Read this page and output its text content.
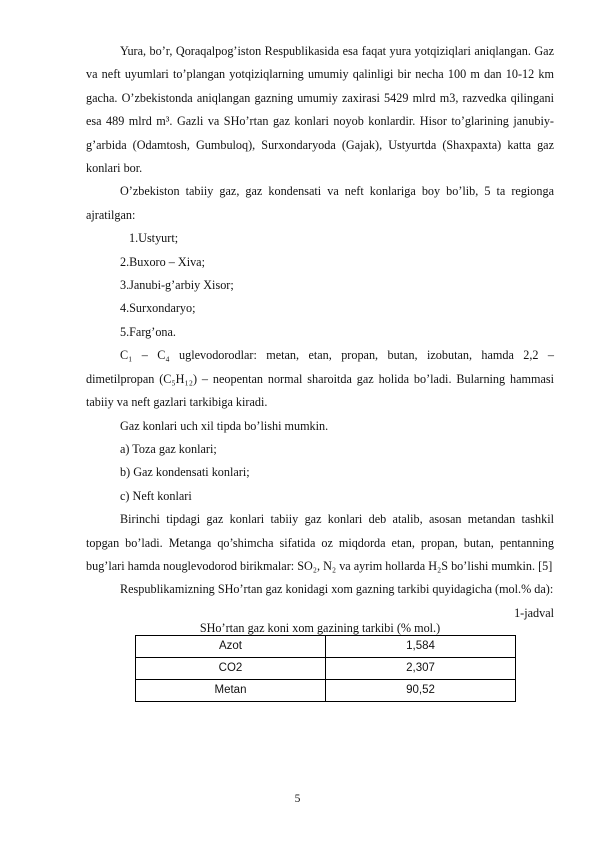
Yura, bo’r, Qoraqalpog’iston Respublikasida esa faqat yura yotqiziqlari aniqlangan. Gaz va neft uyumlari to’plangan yotqiziqlarning umumiy qalinligi bir necha 100 m dan 10-12 km gacha. O’zbekistonda aniqlangan gazning umumiy zaxirasi 5429 mlrd m3, razvedka qilingani esa 489 mlrd m³. Gazli va SHo’rtan gaz konlari noyob konlardir. Hisor to’glarining janubiy-g’arbida (Odamtosh, Gumbuloq), Surxondaryoda (Gajak), Ustyurtda (Shaxpaxta) katta gaz konlari bor.

O’zbekiston tabiiy gaz, gaz kondensati va neft konlariga boy bo’lib, 5 ta regionga ajratilgan:

1.Ustyurt;

2.Buxoro – Xiva;

3.Janubi-g’arbiy Xisor;

4.Surxondaryo;

5.Farg’ona.

C₁ – C₄ uglevodorodlar: metan, etan, propan, butan, izobutan, hamda 2,2 – dimetilpropan (C₅H₁₂) – neopentan normal sharoitda gaz holida bo’ladi. Bularning hammasi tabiiy va neft gazlari tarkibiga kiradi.

Gaz konlari uch xil tipda bo’lishi mumkin.

a) Toza gaz konlari;

b) Gaz kondensati konlari;

c) Neft konlari

Birinchi tipdagi gaz konlari tabiiy gaz konlari deb atalib, asosan metandan tashkil topgan bo’ladi. Metanga qo’shimcha sifatida oz miqdorda etan, propan, butan, pentanning bug’lari hamda nouglevodorod birikmalar: SO₂, N₂ va ayrim hollarda H₂S bo’lishi mumkin. [5]

Respublikamizning SHo’rtan gaz konidagi xom gazning tarkibi quyidagicha (mol.% da):

1-jadval
SHo’rtan gaz koni xom gazining tarkibi (% mol.)
Azot	1,584
CO2	2,307
Metan	90,52
5
